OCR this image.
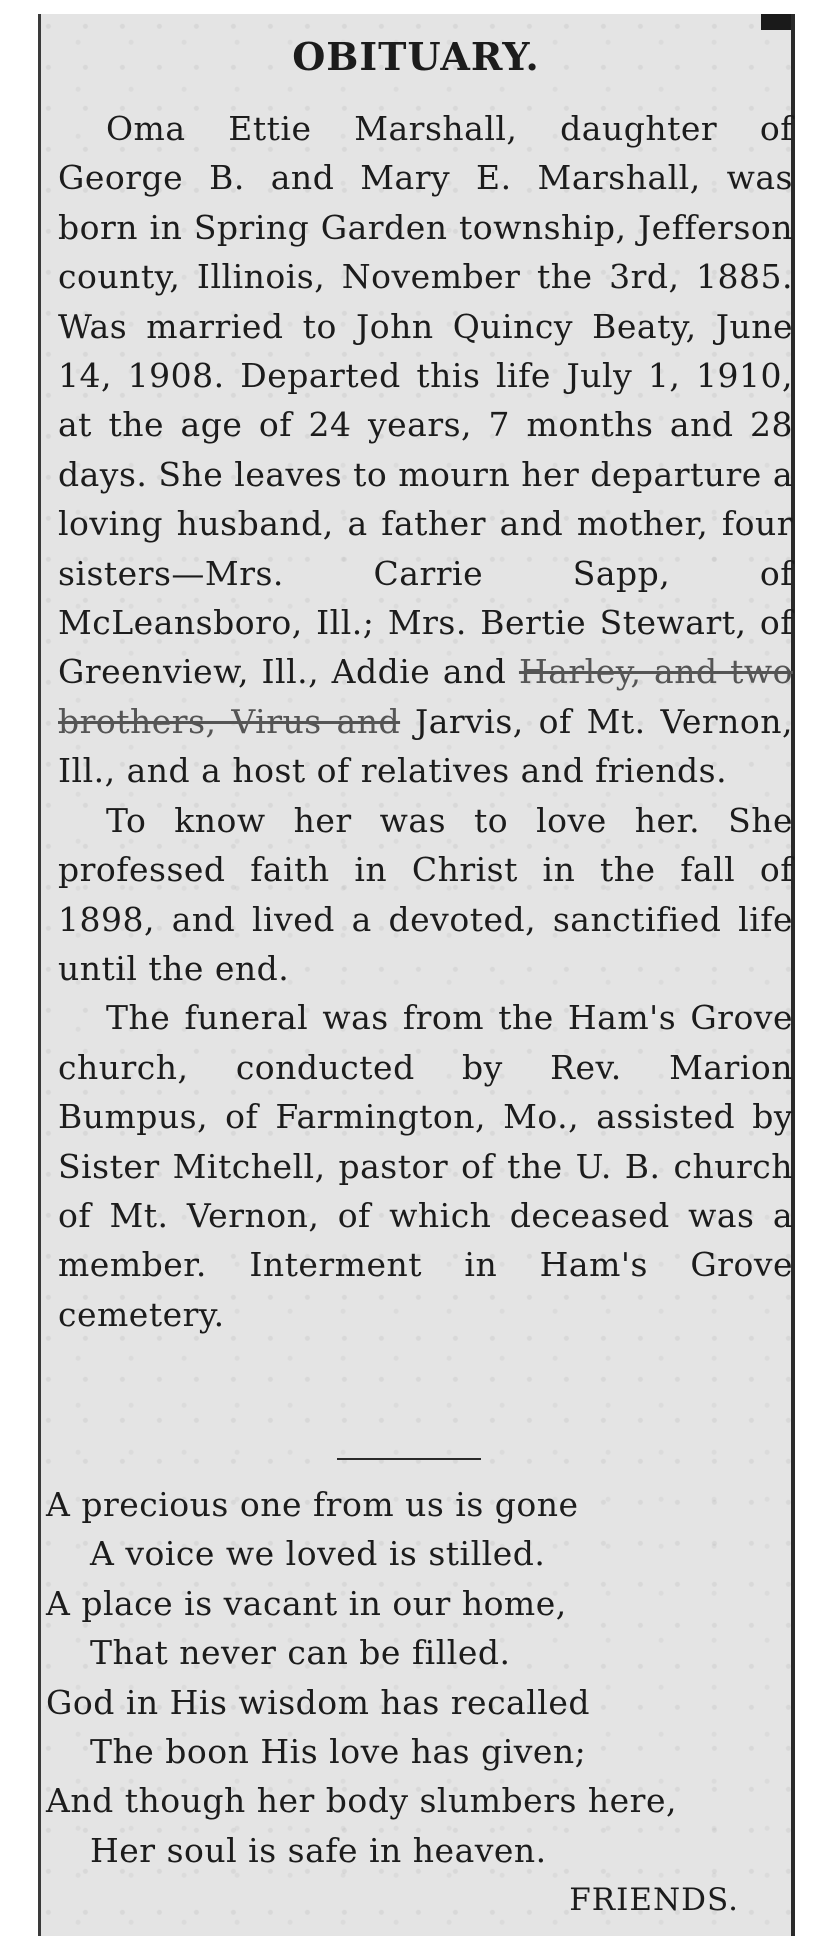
OBITUARY.

Oma Ettie Marshall, daughter of George B. and Mary E. Marshall, was born in Spring Garden township, Jefferson county, Illinois, November the 3rd, 1885. Was married to John Quincy Beaty, June 14, 1908. Departed this life July 1, 1910, at the age of 24 years, 7 months and 28 days. She leaves to mourn her departure a loving husband, a father and mother, four sisters—Mrs. Carrie Sapp, of McLeansboro, Ill.; Mrs. Bertie Stewart, of Greenview, Ill., Addie and Harley, and two brothers, Virus and Jarvis, of Mt. Vernon, Ill., and a host of relatives and friends.

To know her was to love her. She professed faith in Christ in the fall of 1898, and lived a devoted, sanctified life until the end.

The funeral was from the Ham's Grove church, conducted by Rev. Marion Bumpus, of Farmington, Mo., assisted by Sister Mitchell, pastor of the U. B. church of Mt. Vernon, of which deceased was a member. Interment in Ham's Grove cemetery.

A precious one from us is gone
A voice we loved is stilled.
A place is vacant in our home,
That never can be filled.
God in His wisdom has recalled
The boon His love has given;
And though her body slumbers here,
Her soul is safe in heaven.
FRIENDS.
